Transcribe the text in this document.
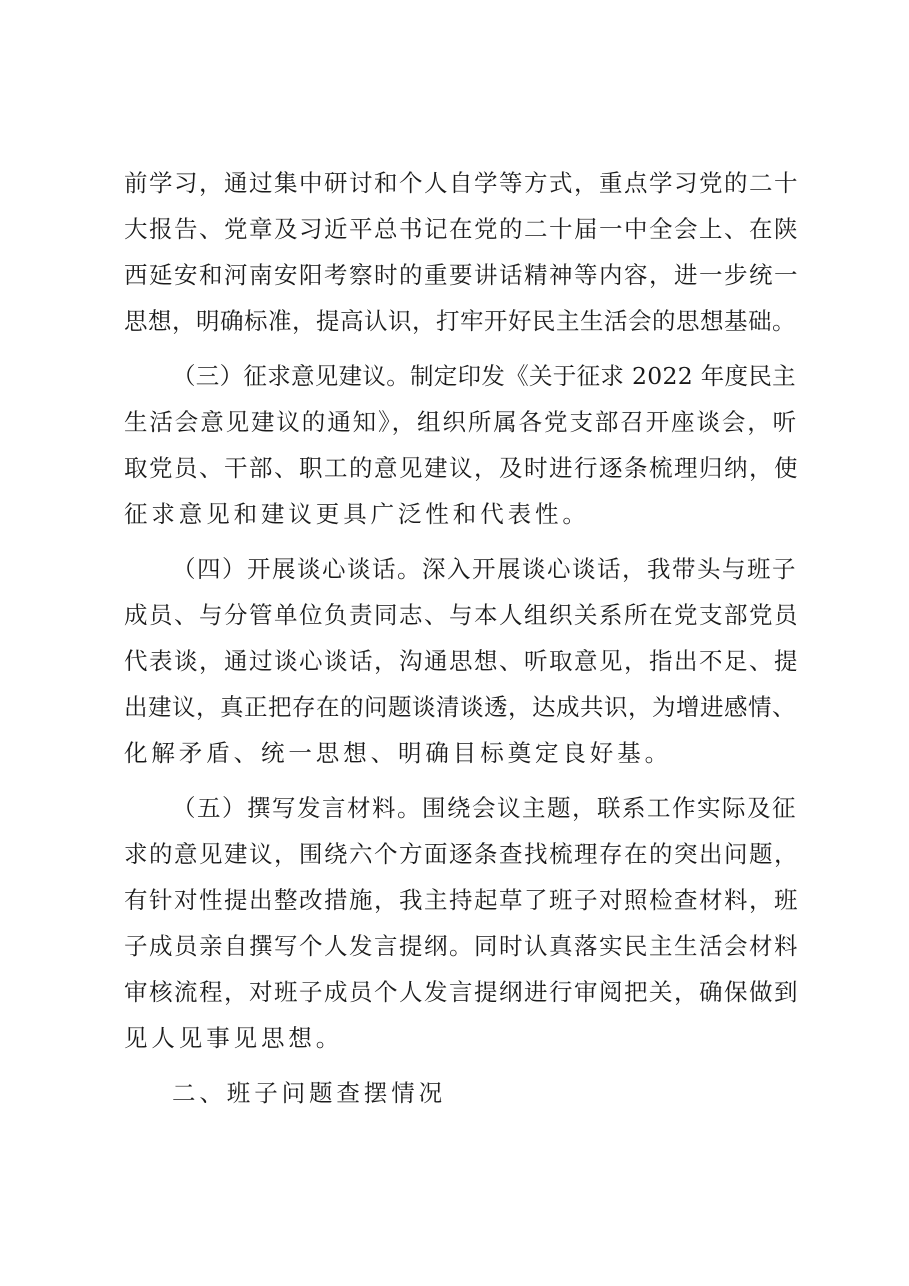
前学习，通过集中研讨和个人自学等方式，重点学习党的二十
大报告、党章及习近平总书记在党的二十届一中全会上、在陕
西延安和河南安阳考察时的重要讲话精神等内容，进一步统一
思想，明确标准，提高认识，打牢开好民主生活会的思想基础。
（三）征求意见建议。制定印发《关于征求 2022 年度民主
生活会意见建议的通知》，组织所属各党支部召开座谈会，听
取党员、干部、职工的意见建议，及时进行逐条梳理归纳，使
征求意见和建议更具广泛性和代表性。
（四）开展谈心谈话。深入开展谈心谈话，我带头与班子
成员、与分管单位负责同志、与本人组织关系所在党支部党员
代表谈，通过谈心谈话，沟通思想、听取意见，指出不足、提
出建议，真正把存在的问题谈清谈透，达成共识，为增进感情、
化解矛盾、统一思想、明确目标奠定良好基。
（五）撰写发言材料。围绕会议主题，联系工作实际及征
求的意见建议，围绕六个方面逐条查找梳理存在的突出问题，
有针对性提出整改措施，我主持起草了班子对照检查材料，班
子成员亲自撰写个人发言提纲。同时认真落实民主生活会材料
审核流程，对班子成员个人发言提纲进行审阅把关，确保做到
见人见事见思想。
二、班子问题查摆情况
